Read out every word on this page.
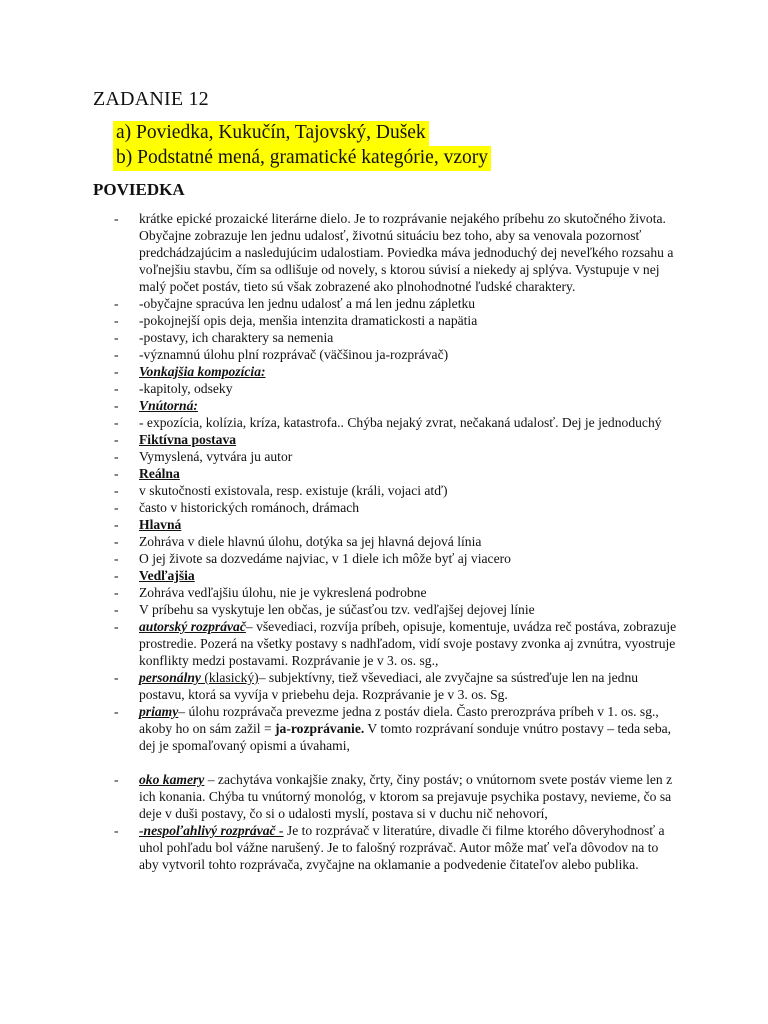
ZADANIE 12
a) Poviedka, Kukučín, Tajovský, Dušek
b) Podstatné mená, gramatické kategórie, vzory
POVIEDKA
- krátke epické prozaické literárne dielo. Je to rozprávanie nejakého príbehu zo skutočného života. Obyčajne zobrazuje len jednu udalosť, životnú situáciu bez toho, aby sa venovala pozornosť predchádzajúcim a nasledujúcim udalostiam. Poviedka máva jednoduchý dej neveľkého rozsahu a voľnejšiu stavbu, čím sa odlišuje od novely, s ktorou súvisí a niekedy aj splýva. Vystupuje v nej malý počet postáv, tieto sú však zobrazené ako plnohodnotné ľudské charaktery.
- -obyčajne spracúva len jednu udalosť a má len jednu zápletku
- -pokojnejší opis deja, menšia intenzita dramatickosti a napätia
- -postavy, ich charaktery sa nemenia
- -významnú úlohu plní rozprávač (väčšinou ja-rozprávač)
- Vonkajšia kompozícia:
- -kapitoly, odseky
- Vnútorná:
- - expozícia, kolízia, kríza, katastrofa.. Chýba nejaký zvrat, nečakaná udalosť. Dej je jednoduchý
- Fiktívna postava
- Vymyslená, vytvára ju autor
- Reálna
- v skutočnosti existovala, resp. existuje (králi, vojaci atď)
- často v historických románoch, drámach
- Hlavná
- Zohráva v diele hlavnú úlohu, dotýka sa jej hlavná dejová línia
- O jej živote sa dozvedáme najviac, v 1 diele ich môže byť aj viacero
- Vedľajšia
- Zohráva vedľajšiu úlohu, nie je vykreslená podrobne
- V príbehu sa vyskytuje len občas, je súčasťou tzv. vedľajšej dejovej línie
- autorský rozprávač– vševediaci, rozvíja príbeh, opisuje, komentuje, uvádza reč postáva, zobrazuje prostredie. Pozerá na všetky postavy s nadhľadom, vidí svoje postavy zvonka aj zvnútra, vyostruje konflikty medzi postavami. Rozprávanie je v 3. os. sg.,
- personálny (klasický)– subjektívny, tiež vševediaci, ale zvyčajne sa sústreďuje len na jednu postavu, ktorá sa vyvíja v priebehu deja. Rozprávanie je v 3. os. Sg.
- priamy– úlohu rozprávača prevezme jedna z postáv diela. Často prerozpráva príbeh v 1. os. sg., akoby ho on sám zažil = ja-rozprávanie. V tomto rozprávaní sonduje vnútro postavy – teda seba, dej je spomaľovaný opismi a úvahami,
- oko kamery – zachytáva vonkajšie znaky, črty, činy postáv; o vnútornom svete postáv vieme len z ich konania. Chýba tu vnútorný monológ, v ktorom sa prejavuje psychika postavy, nevieme, čo sa deje v duši postavy, čo si o udalosti myslí, postava si v duchu nič nehovorí,
- -nespoľahlivý rozprávač - Je to rozprávač v literatúre, divadle či filme ktorého dôveryhodnosť a uhol pohľadu bol vážne narušený. Je to falošný rozprávač. Autor môže mať veľa dôvodov na to aby vytvoril tohto rozprávača, zvyčajne na oklamanie a podvedenie čitateľov alebo publika.
